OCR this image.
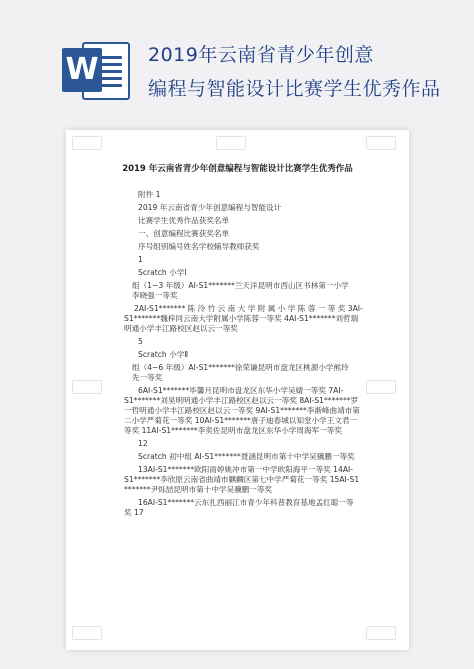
W	2019年云南省青少年创意
编程与智能设计比赛学生优秀作品
2019 年云南省青少年创意编程与智能设计比赛学生优秀作品
附件 1
2019 年云南省青少年创意编程与智能设计
比赛学生优秀作品获奖名单
一、创意编程比赛获奖名单
序号组别编号姓名学校辅导教师获奖
1
Scratch 小学Ⅰ
组（1~3 年级）AI-S1*******兰天洋昆明市西山区书林第一小学
李晓强一等奖
2AI-S1******* 陈 泠 竹 云 南 大 学 附 属 小 学 陈 蓉 一 等 奖 3AI-
S1*******魏梓同云南大学附属小学陈蓉一等奖 4AI-S1*******刘哲瑞
明通小学丰江路校区赵以云一等奖
5
Scratch 小学Ⅱ
组（4~6 年级）AI-S1*******徐荣谦昆明市盘龙区桃源小学熊玲
先一等奖
6AI-S1*******毕馨月昆明市盘龙区东华小学吴婧一等奖 7AI-
S1*******刘昊明明通小学丰江路校区赵以云一等奖 8AI-S1*******罗
一哲明通小学丰江路校区赵以云一等奖 9AI-S1*******李渐峰曲靖市第
二小学严菊花一等奖 10AI-S1*******唐子迪春城以知堂小学王文君一
等奖 11AI-S1*******李奕佐昆明市盘龙区东华小学周海军一等奖
12
Scratch 初中组 AI-S1*******聂涵昆明市第十中学吴骥鹏一等奖
13AI-S1*******欧阳雨婷姚冲市第一中学欧阳海平一等奖 14AI-
S1*******李欣原云南省曲靖市麒麟区第七中学严菊花一等奖 15AI-S1
*******尹烁喆昆明市第十中学吴骥鹏一等奖
16AI-S1*******云东扎西丽江市青少年科普教育基地孟红聪一等
奖 17
